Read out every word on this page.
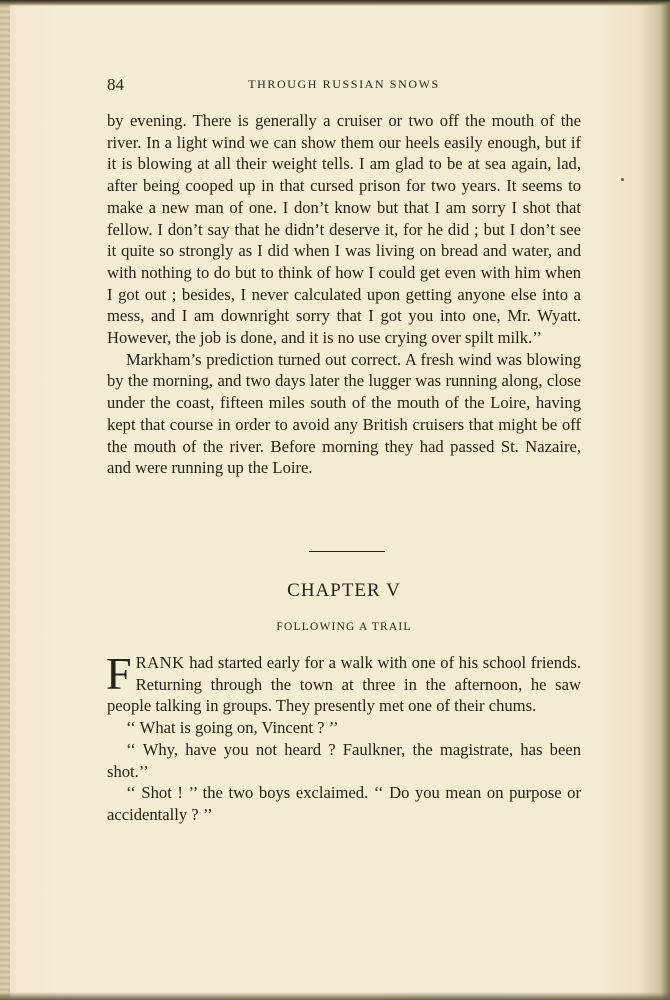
84	THROUGH RUSSIAN SNOWS

by evening. There is generally a cruiser or two off the mouth of the river. In a light wind we can show them our heels easily enough, but if it is blowing at all their weight tells. I am glad to be at sea again, lad, after being cooped up in that cursed prison for two years. It seems to make a new man of one. I don’t know but that I am sorry I shot that fellow. I don’t say that he didn’t deserve it, for he did ; but I don’t see it quite so strongly as I did when I was living on bread and water, and with nothing to do but to think of how I could get even with him when I got out ; besides, I never calculated upon getting anyone else into a mess, and I am downright sorry that I got you into one, Mr. Wyatt. However, the job is done, and it is no use crying over spilt milk.’’

Markham’s prediction turned out correct. A fresh wind was blowing by the morning, and two days later the lugger was running along, close under the coast, fifteen miles south of the mouth of the Loire, having kept that course in order to avoid any British cruisers that might be off the mouth of the river. Before morning they had passed St. Nazaire, and were running up the Loire.

CHAPTER V
FOLLOWING A TRAIL

FRANK had started early for a walk with one of his school friends. Returning through the town at three in the afternoon, he saw people talking in groups. They presently met one of their chums.

‘‘ What is going on, Vincent ? ’’

‘‘ Why, have you not heard ? Faulkner, the magistrate, has been shot.’’

‘‘ Shot ! ’’ the two boys exclaimed. ‘‘ Do you mean on purpose or accidentally ? ’’
